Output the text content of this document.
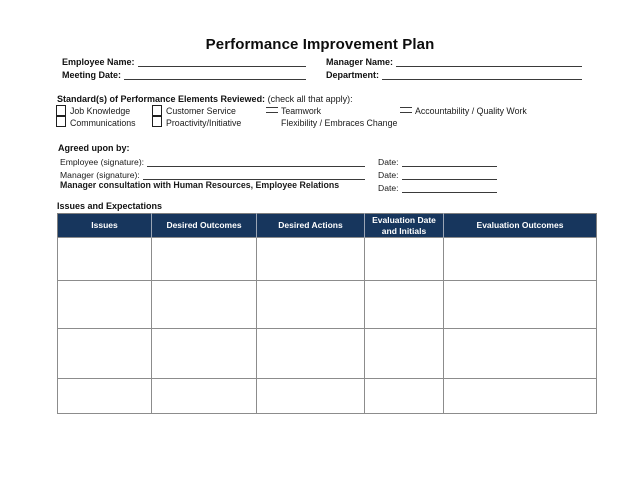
Performance Improvement Plan
Employee Name:	Manager Name:
Meeting Date:	Department:
Standard(s) of Performance Elements Reviewed: (check all that apply):
Job Knowledge	Customer Service	Teamwork	Accountability / Quality Work
Communications	Proactivity/Initiative	Flexibility / Embraces Change
Agreed upon by:
Employee (signature):	Date:
Manager (signature):	Date:
Manager consultation with Human Resources, Employee Relations	Date:
Issues and Expectations
Issues	Desired Outcomes	Desired Actions	Evaluation Date and Initials	Evaluation Outcomes
